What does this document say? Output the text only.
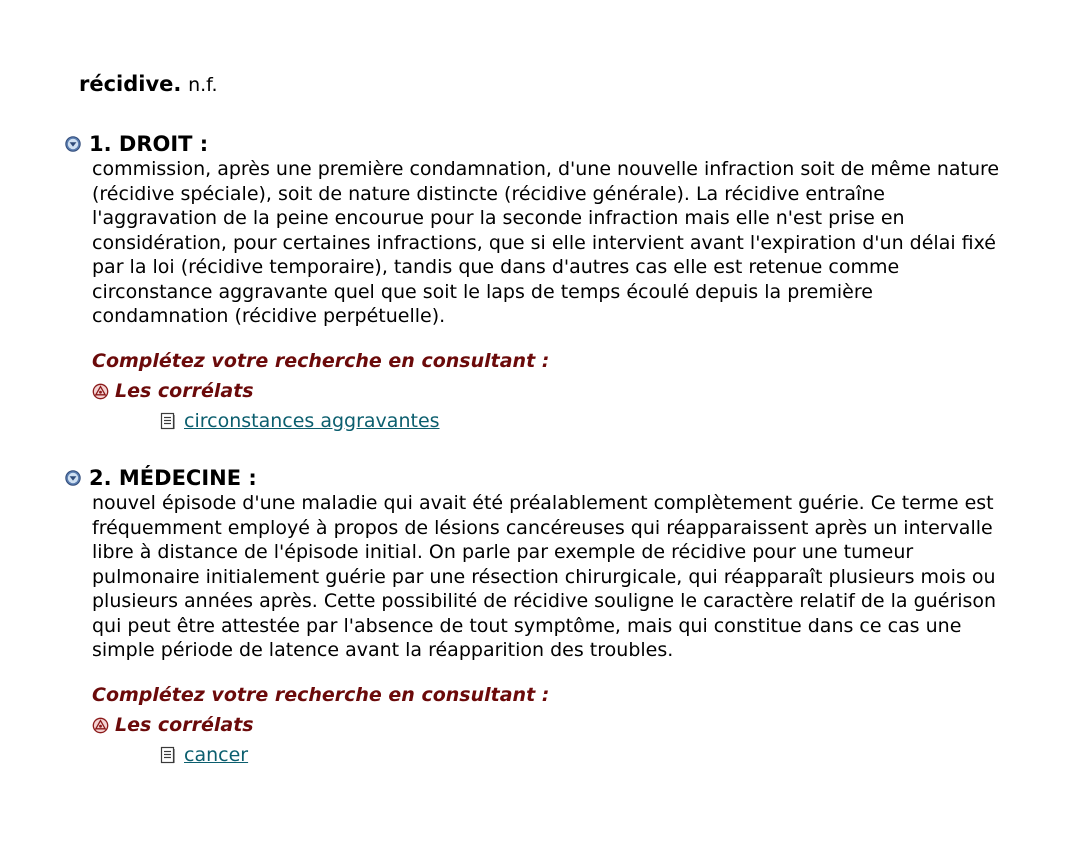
récidive. n.f.
1. DROIT :

commission, après une première condamnation, d'une nouvelle infraction soit de même nature (récidive spéciale), soit de nature distincte (récidive générale). La récidive entraîne l'aggravation de la peine encourue pour la seconde infraction mais elle n'est prise en considération, pour certaines infractions, que si elle intervient avant l'expiration d'un délai fixé par la loi (récidive temporaire), tandis que dans d'autres cas elle est retenue comme circonstance aggravante quel que soit le laps de temps écoulé depuis la première condamnation (récidive perpétuelle).

Complétez votre recherche en consultant :
Les corrélats
circonstances aggravantes
2. MÉDECINE :

nouvel épisode d'une maladie qui avait été préalablement complètement guérie. Ce terme est fréquemment employé à propos de lésions cancéreuses qui réapparaissent après un intervalle libre à distance de l'épisode initial. On parle par exemple de récidive pour une tumeur pulmonaire initialement guérie par une résection chirurgicale, qui réapparaît plusieurs mois ou plusieurs années après. Cette possibilité de récidive souligne le caractère relatif de la guérison qui peut être attestée par l'absence de tout symptôme, mais qui constitue dans ce cas une simple période de latence avant la réapparition des troubles.

Complétez votre recherche en consultant :
Les corrélats
cancer
